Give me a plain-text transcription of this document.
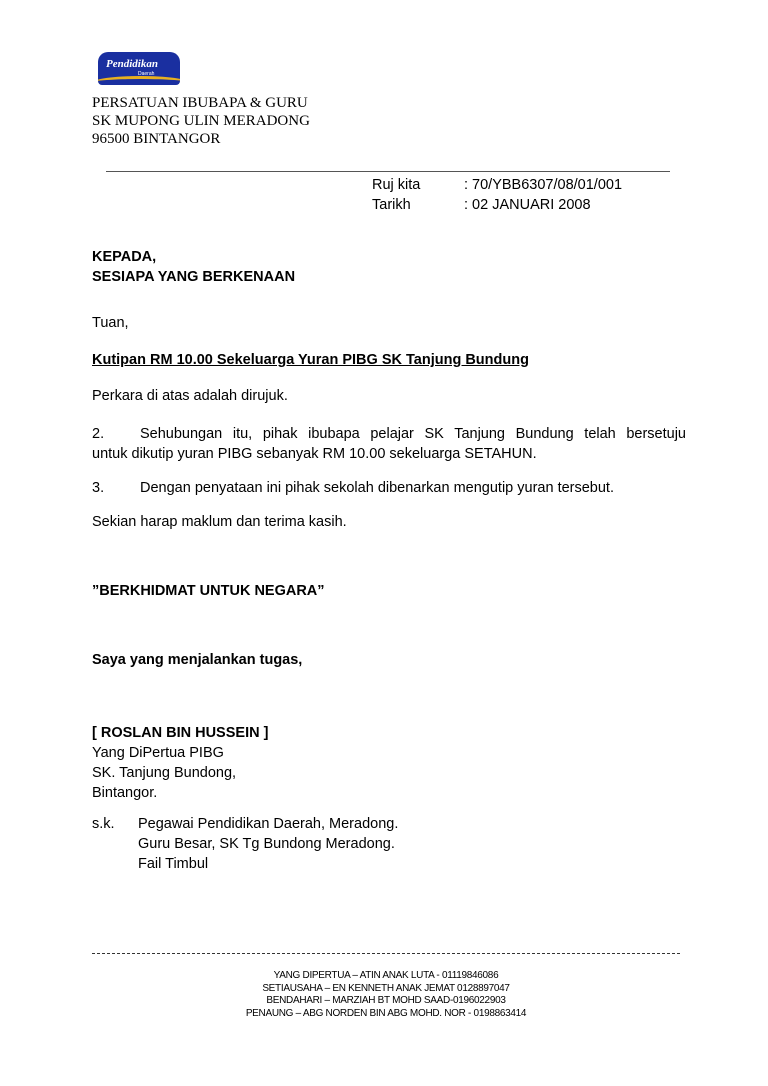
Pendidikan
Daerah
PERSATUAN IBUBAPA & GURU
SK MUPONG ULIN MERADONG
96500 BINTANGOR
Ruj kita	: 70/YBB6307/08/01/001
Tarikh	: 02 JANUARI 2008
KEPADA,
SESIAPA YANG BERKENAAN
Tuan,
Kutipan RM 10.00 Sekeluarga Yuran PIBG SK Tanjung Bundung
Perkara di atas adalah dirujuk.
2.	Sehubungan itu, pihak ibubapa pelajar SK Tanjung Bundung telah bersetuju
untuk dikutip yuran PIBG sebanyak RM 10.00 sekeluarga SETAHUN.
3. Dengan penyataan ini pihak sekolah dibenarkan mengutip yuran tersebut.
Sekian harap maklum dan terima kasih.
”BERKHIDMAT UNTUK NEGARA”
Saya yang menjalankan tugas,
[ ROSLAN BIN HUSSEIN ]
Yang DiPertua PIBG
SK. Tanjung Bundong,
Bintangor.
s.k. Pegawai Pendidikan Daerah, Meradong.
Guru Besar, SK Tg Bundong Meradong.
Fail Timbul
YANG DIPERTUA – ATIN ANAK LUTA - 01119846086
SETIAUSAHA – EN KENNETH ANAK JEMAT 0128897047
BENDAHARI – MARZIAH BT MOHD SAAD-0196022903
PENAUNG – ABG NORDEN BIN ABG MOHD. NOR - 0198863414
